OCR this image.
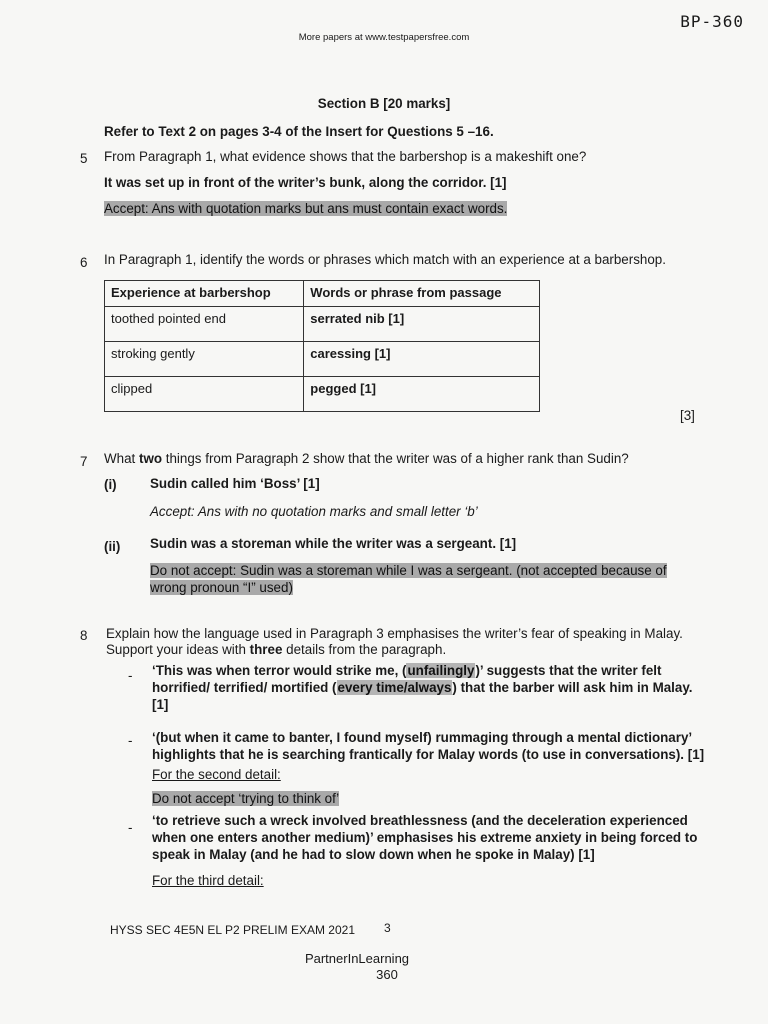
BP-360
More papers at www.testpapersfree.com
Section B [20 marks]
Refer to Text 2 on pages 3-4 of the Insert for Questions 5 –16.
5 From Paragraph 1, what evidence shows that the barbershop is a makeshift one?
It was set up in front of the writer’s bunk, along the corridor. [1]
Accept: Ans with quotation marks but ans must contain exact words.
6 In Paragraph 1, identify the words or phrases which match with an experience at a barbershop.
Experience at barbershop	Words or phrase from passage
toothed pointed end	serrated nib [1]
stroking gently	caressing [1]
clipped	pegged [1]
[3]
7 What two things from Paragraph 2 show that the writer was of a higher rank than Sudin?
(i) Sudin called him ‘Boss’ [1]
Accept: Ans with no quotation marks and small letter ‘b’
(ii) Sudin was a storeman while the writer was a sergeant. [1]
Do not accept: Sudin was a storeman while I was a sergeant. (not accepted because of
wrong pronoun “I” used)
8 Explain how the language used in Paragraph 3 emphasises the writer’s fear of speaking in Malay.
Support your ideas with three details from the paragraph.
- ‘This was when terror would strike me, (unfailingly)’ suggests that the writer felt
horrified/ terrified/ mortified (every time/always) that the barber will ask him in Malay.
[1]
- ‘(but when it came to banter, I found myself) rummaging through a mental dictionary’
highlights that he is searching frantically for Malay words (to use in conversations). [1]
For the second detail:
Do not accept ‘trying to think of’
- ‘to retrieve such a wreck involved breathlessness (and the deceleration experienced
when one enters another medium)’ emphasises his extreme anxiety in being forced to
speak in Malay (and he had to slow down when he spoke in Malay) [1]
For the third detail:
HYSS SEC 4E5N EL P2 PRELIM EXAM 2021 3
PartnerInLearning
360
